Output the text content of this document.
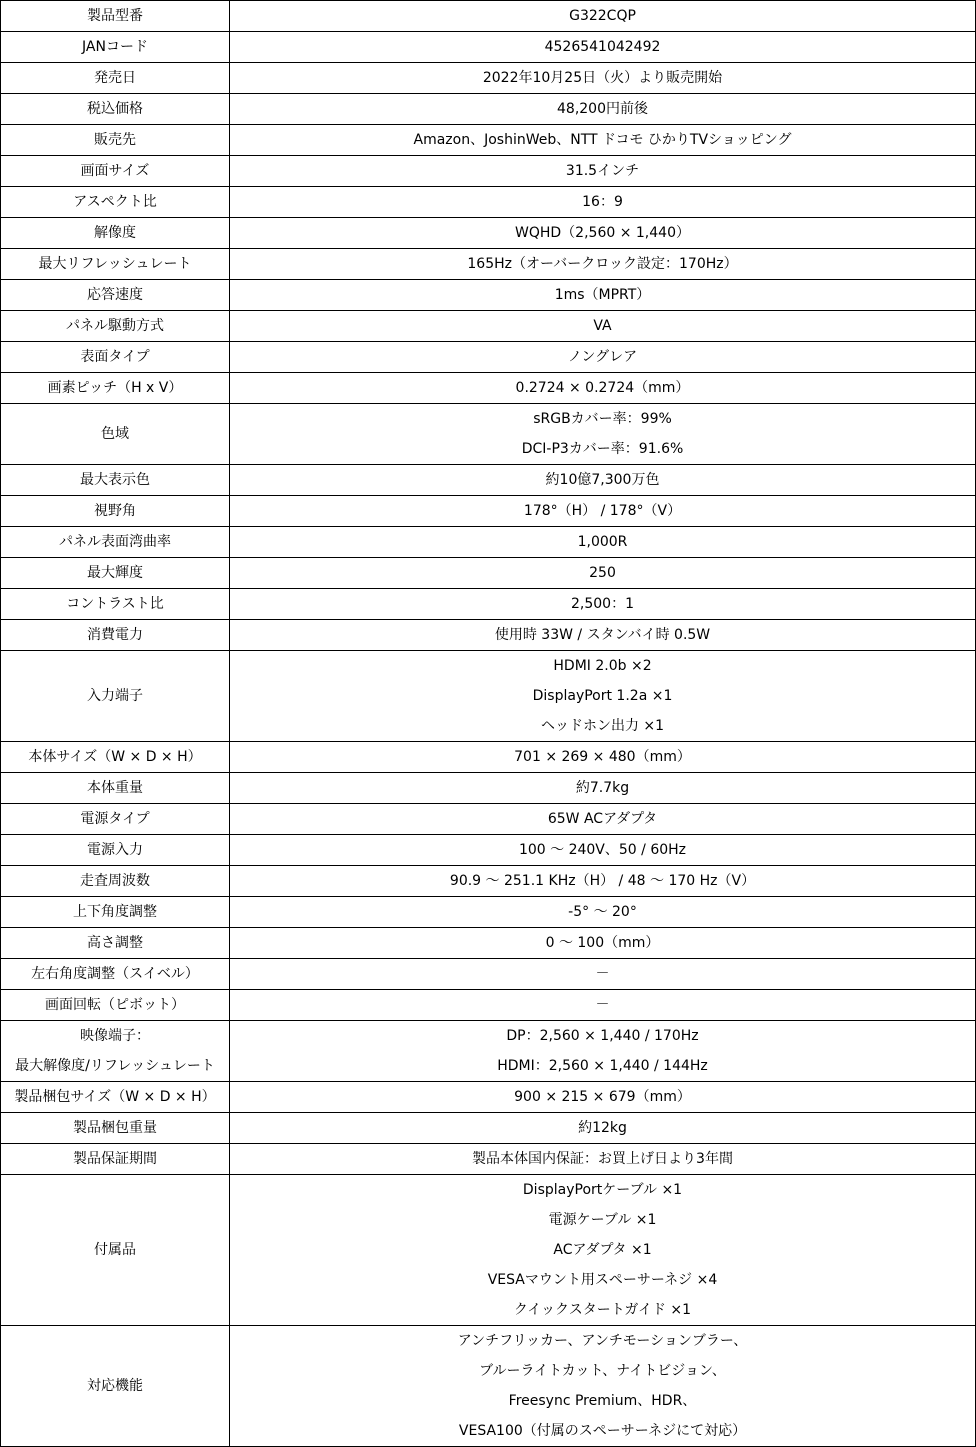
製品型番	G322CQP

JANコード	4526541042492

発売日	2022年10月25日（火）より販売開始

税込価格	48,200円前後

販売先	Amazon、JoshinWeb、NTT ドコモ ひかりTVショッピング

画面サイズ	31.5インチ

アスペクト比	16：9

解像度	WQHD（2,560 × 1,440）

最大リフレッシュレート	165Hz（オーバークロック設定：170Hz）

応答速度	1ms（MPRT）

パネル駆動方式	VA

表面タイプ	ノングレア

画素ピッチ（H x V）	0.2724 × 0.2724（mm）

色域	sRGBカバー率：99%
DCI-P3カバー率：91.6%

最大表示色	約10億7,300万色

視野角	178°（H） / 178°（V）

パネル表面湾曲率	1,000R

最大輝度	250

コントラスト比	2,500：1

消費電力	使用時 33W / スタンバイ時 0.5W

入力端子	HDMI 2.0b ×2
DisplayPort 1.2a ×1
ヘッドホン出力 ×1

本体サイズ（W × D × H）	701 × 269 × 480（mm）

本体重量	約7.7kg

電源タイプ	65W ACアダプタ

電源入力	100 ～ 240V、50 / 60Hz

走査周波数	90.9 ～ 251.1 KHz（H） / 48 ～ 170 Hz（V）

上下角度調整	-5° ～ 20°

高さ調整	0 ～ 100（mm）

左右角度調整（スイベル）	－

画面回転（ピボット）	－

映像端子：
最大解像度/リフレッシュレート	DP：2,560 × 1,440 / 170Hz
HDMI：2,560 × 1,440 / 144Hz

製品梱包サイズ（W × D × H）	900 × 215 × 679（mm）

製品梱包重量	約12kg

製品保証期間	製品本体国内保証：お買上げ日より3年間

付属品	DisplayPortケーブル ×1
電源ケーブル ×1
ACアダプタ ×1
VESAマウント用スペーサーネジ ×4
クイックスタートガイド ×1

対応機能	アンチフリッカー、アンチモーションブラー、
ブルーライトカット、ナイトビジョン、
Freesync Premium、HDR、
VESA100（付属のスペーサーネジにて対応）
